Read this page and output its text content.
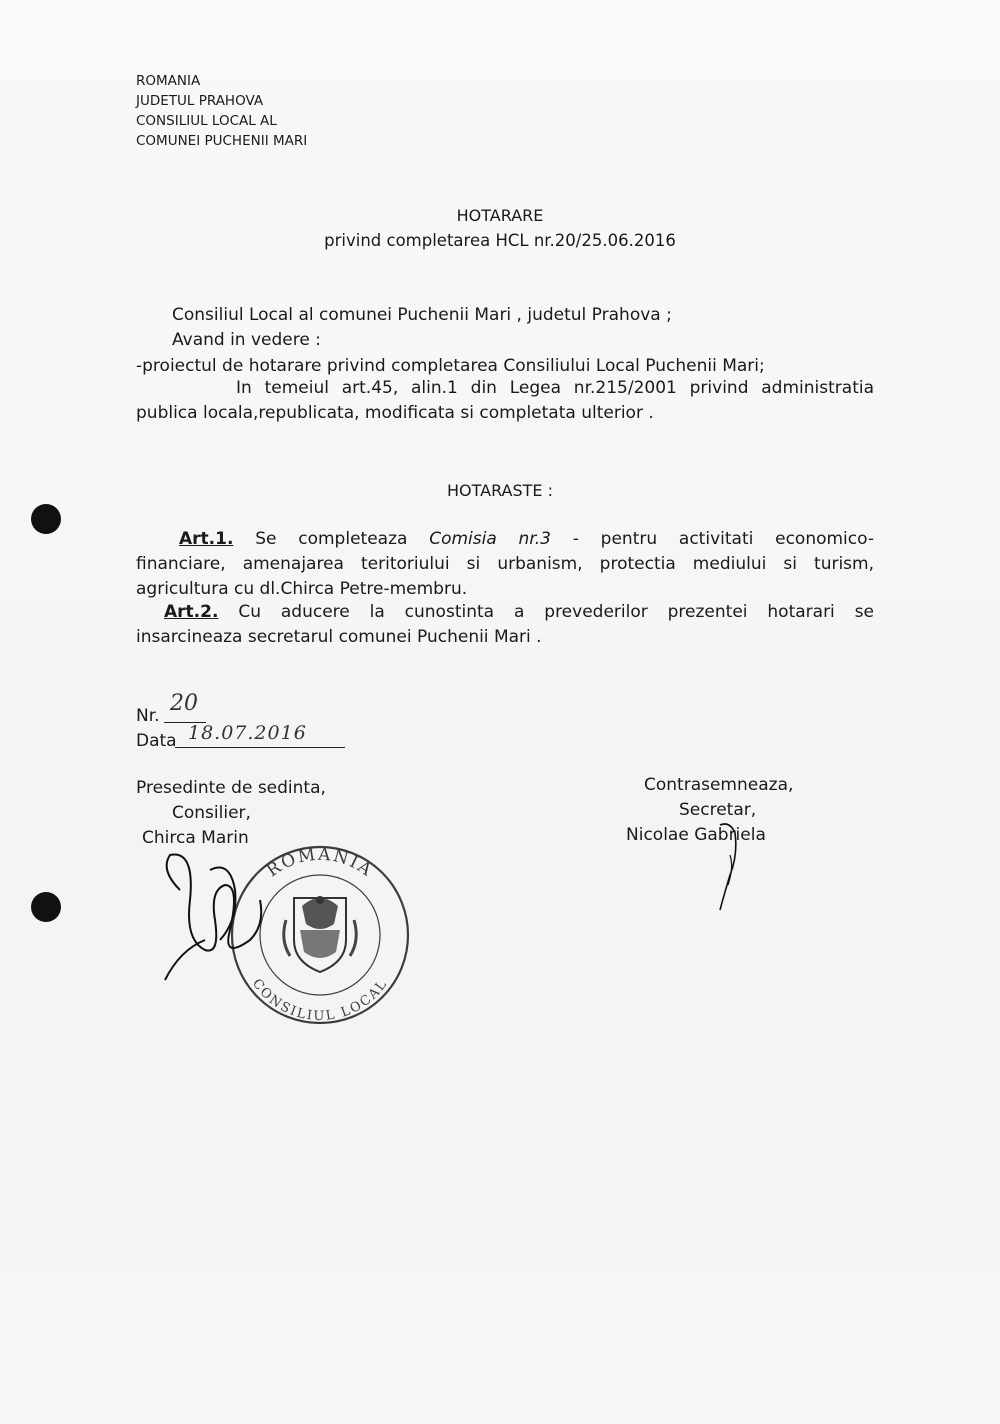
ROMANIA
JUDETUL PRAHOVA
CONSILIUL LOCAL AL
COMUNEI PUCHENII MARI
HOTARARE
privind completarea HCL nr.20/25.06.2016
Consiliul Local al comunei Puchenii Mari , judetul Prahova ;
Avand in vedere :
-proiectul de hotarare privind completarea Consiliului Local Puchenii Mari;
In temeiul art.45, alin.1 din Legea nr.215/2001 privind administratia
publica locala,republicata, modificata si completata ulterior .
HOTARASTE :
Art.1. Se completeaza Comisia nr.3 - pentru activitati economico-
financiare, amenajarea teritoriului si urbanism, protectia mediului si turism,
agricultura cu dl.Chirca Petre-membru.
Art.2. Cu aducere la cunostinta a prevederilor prezentei hotarari se
insarcineaza secretarul comunei Puchenii Mari .
Nr. 20
Data 18.07.2016
Presedinte de sedinta,
Consilier,
Chirca Marin
Contrasemneaza,
Secretar,
Nicolae Gabriela
ROMANIA
CONSILIUL LOCAL
